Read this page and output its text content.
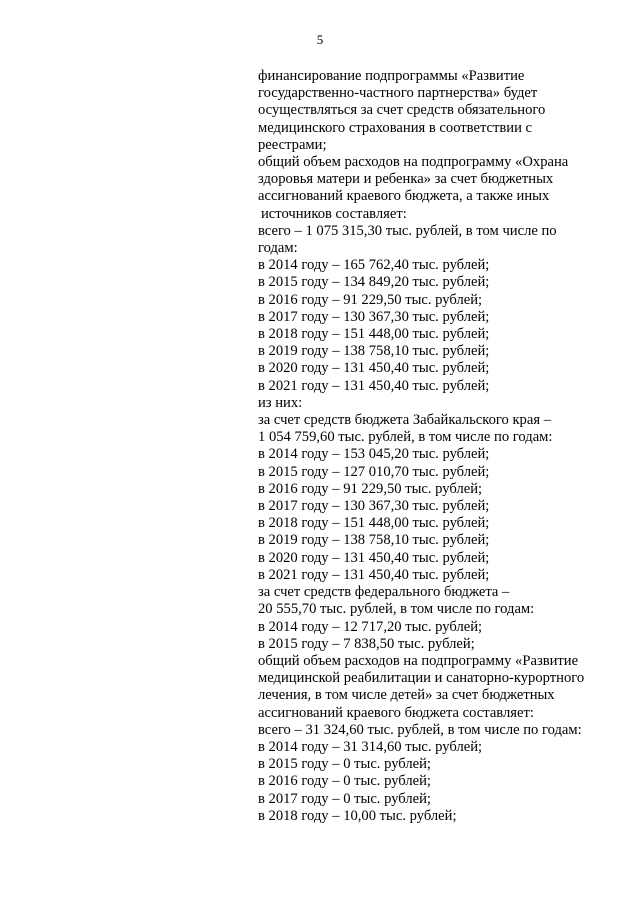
5
финансирование подпрограммы «Развитие
государственно-частного партнерства» будет
осуществляться за счет средств обязательного
медицинского страхования в соответствии с
реестрами;
общий объем расходов на подпрограмму «Охрана
здоровья матери и ребенка» за счет бюджетных
ассигнований краевого бюджета, а также иных
источников составляет:
всего – 1 075 315,30 тыс. рублей, в том числе по
годам:
в 2014 году – 165 762,40 тыс. рублей;
в 2015 году – 134 849,20 тыс. рублей;
в 2016 году – 91 229,50 тыс. рублей;
в 2017 году – 130 367,30 тыс. рублей;
в 2018 году – 151 448,00 тыс. рублей;
в 2019 году – 138 758,10 тыс. рублей;
в 2020 году – 131 450,40 тыс. рублей;
в 2021 году – 131 450,40 тыс. рублей;
из них:
за счет средств бюджета Забайкальского края –
1 054 759,60 тыс. рублей, в том числе по годам:
в 2014 году – 153 045,20 тыс. рублей;
в 2015 году – 127 010,70 тыс. рублей;
в 2016 году – 91 229,50 тыс. рублей;
в 2017 году – 130 367,30 тыс. рублей;
в 2018 году – 151 448,00 тыс. рублей;
в 2019 году – 138 758,10 тыс. рублей;
в 2020 году – 131 450,40 тыс. рублей;
в 2021 году – 131 450,40 тыс. рублей;
за счет средств федерального бюджета –
20 555,70 тыс. рублей, в том числе по годам:
в 2014 году – 12 717,20 тыс. рублей;
в 2015 году – 7 838,50 тыс. рублей;
общий объем расходов на подпрограмму «Развитие
медицинской реабилитации и санаторно-курортного
лечения, в том числе детей» за счет бюджетных
ассигнований краевого бюджета составляет:
всего – 31 324,60 тыс. рублей, в том числе по годам:
в 2014 году – 31 314,60 тыс. рублей;
в 2015 году – 0 тыс. рублей;
в 2016 году – 0 тыс. рублей;
в 2017 году – 0 тыс. рублей;
в 2018 году – 10,00 тыс. рублей;
